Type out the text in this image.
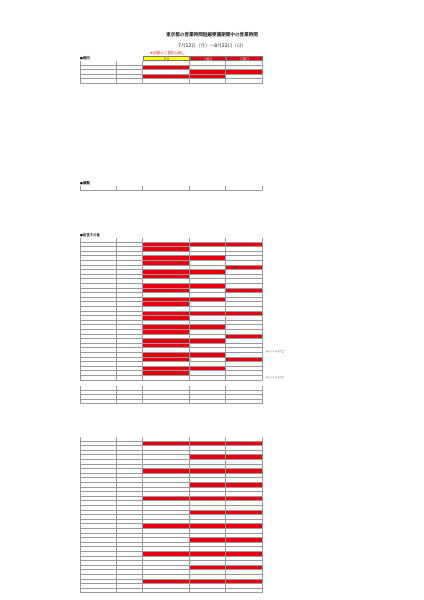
東京都の営業時間短縮要請期間中の営業時間
7月12日（月）～8月22日（日）
※酒類のご提供は無し
平日	土曜日	日曜日
●焼肉
●麺類
●和食その他
※ランチのみ営業
※ランチのみ営業
